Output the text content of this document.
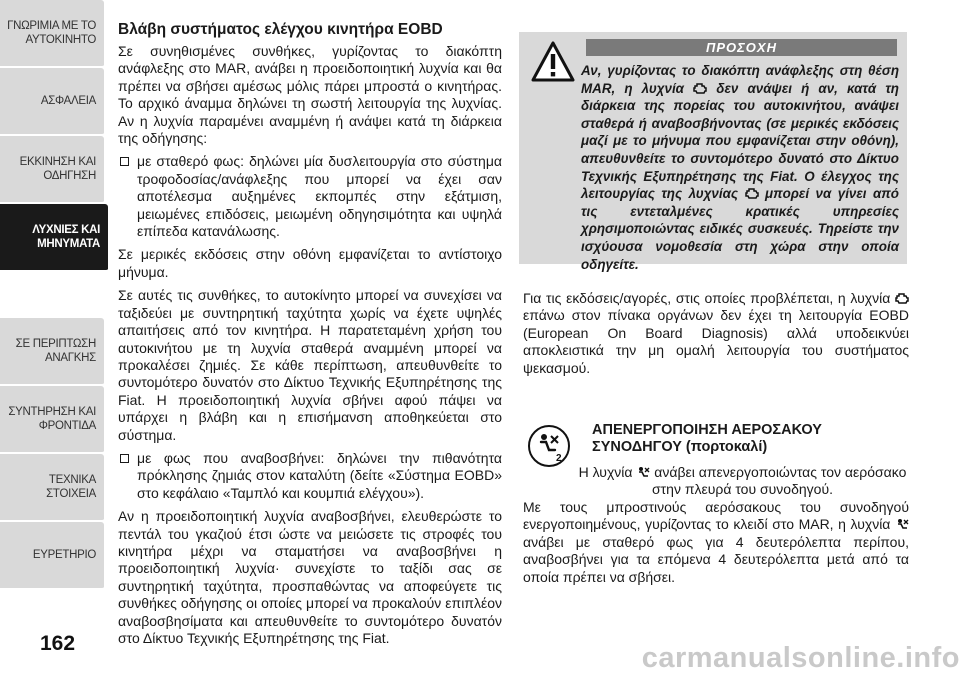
ΓΝΩΡΙΜΙΑ ΜΕ ΤΟ
ΑΥΤΟΚΙΝΗΤΟ
ΑΣΦΑΛΕΙΑ
ΕΚΚΙΝΗΣΗ ΚΑΙ
ΟΔΗΓΗΣΗ
ΛΥΧΝΙΕΣ ΚΑΙ
ΜΗΝΥΜΑΤΑ
ΣΕ ΠΕΡΙΠΤΩΣΗ
ΑΝΑΓΚΗΣ
ΣΥΝΤΗΡΗΣΗ ΚΑΙ
ΦΡΟΝΤΙΔΑ
ΤΕΧΝΙΚΑ ΣΤΟΙΧΕΙΑ
ΕΥΡΕΤΗΡΙΟ
162
Βλάβη συστήματος ελέγχου κινητήρα EOBD

Σε συνηθισμένες συνθήκες, γυρίζοντας το διακόπτη ανάφλεξης στο MAR, ανάβει η προειδοποιητική λυχνία και θα πρέπει να σβήσει αμέσως μόλις πάρει μπροστά ο κινητήρας. Το αρχικό άναμμα δηλώνει τη σωστή λειτουργία της λυχνίας. Αν η λυχνία παραμένει αναμμένη ή ανάψει κατά τη διάρκεια της οδήγησης:

με σταθερό φως: δηλώνει μία δυσλειτουργία στο σύστημα τροφοδοσίας/ανάφλεξης που μπορεί να έχει σαν αποτέλεσμα αυξημένες εκπομπές στην εξάτμιση, μειωμένες επιδόσεις, μειωμένη οδηγησιμότητα και υψηλά επίπεδα κατανάλωσης.

Σε μερικές εκδόσεις στην οθόνη εμφανίζεται το αντίστοιχο μήνυμα.

Σε αυτές τις συνθήκες, το αυτοκίνητο μπορεί να συνεχίσει να ταξιδεύει με συντηρητική ταχύτητα χωρίς να έχετε υψηλές απαιτήσεις από τον κινητήρα. Η παρατεταμένη χρήση του αυτοκινήτου με τη λυχνία σταθερά αναμμένη μπορεί να προκαλέσει ζημιές. Σε κάθε περίπτωση, απευθυνθείτε το συντομότερο δυνατόν στο Δίκτυο Τεχνικής Εξυπηρέτησης της Fiat. Η προειδοποιητική λυχνία σβήνει αφού πάψει να υπάρχει η βλάβη και η επισήμανση αποθηκεύεται στο σύστημα.

με φως που αναβοσβήνει: δηλώνει την πιθανότητα πρόκλησης ζημιάς στον καταλύτη (δείτε «Σύστημα EOBD» στο κεφάλαιο «Ταμπλό και κουμπιά ελέγχου»).

Αν η προειδοποιητική λυχνία αναβοσβήνει, ελευθερώστε το πεντάλ του γκαζιού έτσι ώστε να μειώσετε τις στροφές του κινητήρα μέχρι να σταματήσει να αναβοσβήνει η προειδοποιητική λυχνία· συνεχίστε το ταξίδι σας σε συντηρητική ταχύτητα, προσπαθώντας να αποφεύγετε τις συνθήκες οδήγησης οι οποίες μπορεί να προκαλούν επιπλέον αναβοσβησίματα και απευθυνθείτε το συντομότερο δυνατόν στο Δίκτυο Τεχνικής Εξυπηρέτησης της Fiat.

ΠΡΟΣΟΧΗ
Αν, γυρίζοντας το διακόπτη ανάφλεξης στη θέση MAR, η λυχνία δεν ανάψει ή αν, κατά τη διάρκεια της πορείας του αυτοκινήτου, ανάψει σταθερά ή αναβοσβήνοντας (σε μερικές εκδόσεις μαζί με το μήνυμα που εμφανίζεται στην οθόνη), απευθυνθείτε το συντομότερο δυνατό στο Δίκτυο Τεχνικής Εξυπηρέτησης της Fiat. Ο έλεγχος της λειτουργίας της λυχνίας μπορεί να γίνει από τις εντεταλμένες κρατικές υπηρεσίες χρησιμοποιώντας ειδικές συσκευές. Τηρείστε την ισχύουσα νομοθεσία στη χώρα στην οποία οδηγείτε.

Για τις εκδόσεις/αγορές, στις οποίες προβλέπεται, η λυχνία  επάνω στον πίνακα οργάνων δεν έχει τη λειτουργία EOBD (European On Board Diagnosis) αλλά υποδεικνύει αποκλειστικά την μη ομαλή λειτουργία του συστήματος ψεκασμού.

2
ΑΠΕΝΕΡΓΟΠΟΙΗΣΗ ΑΕΡΟΣΑΚΟΥ
ΣΥΝΟΔΗΓΟΥ (πορτοκαλί)

Η λυχνία ανάβει απενεργοποιώντας τον αερόσακο στην πλευρά του συνοδηγού.

Με τους μπροστινούς αερόσακους του συνοδηγού ενεργοποιημένους, γυρίζοντας το κλειδί στο MAR, η λυχνία  ανάβει με σταθερό φως για 4 δευτερόλεπτα περίπου, αναβοσβήνει για τα επόμενα 4 δευτερόλεπτα μετά από τα οποία πρέπει να σβήσει.

carmanualsonline.info
